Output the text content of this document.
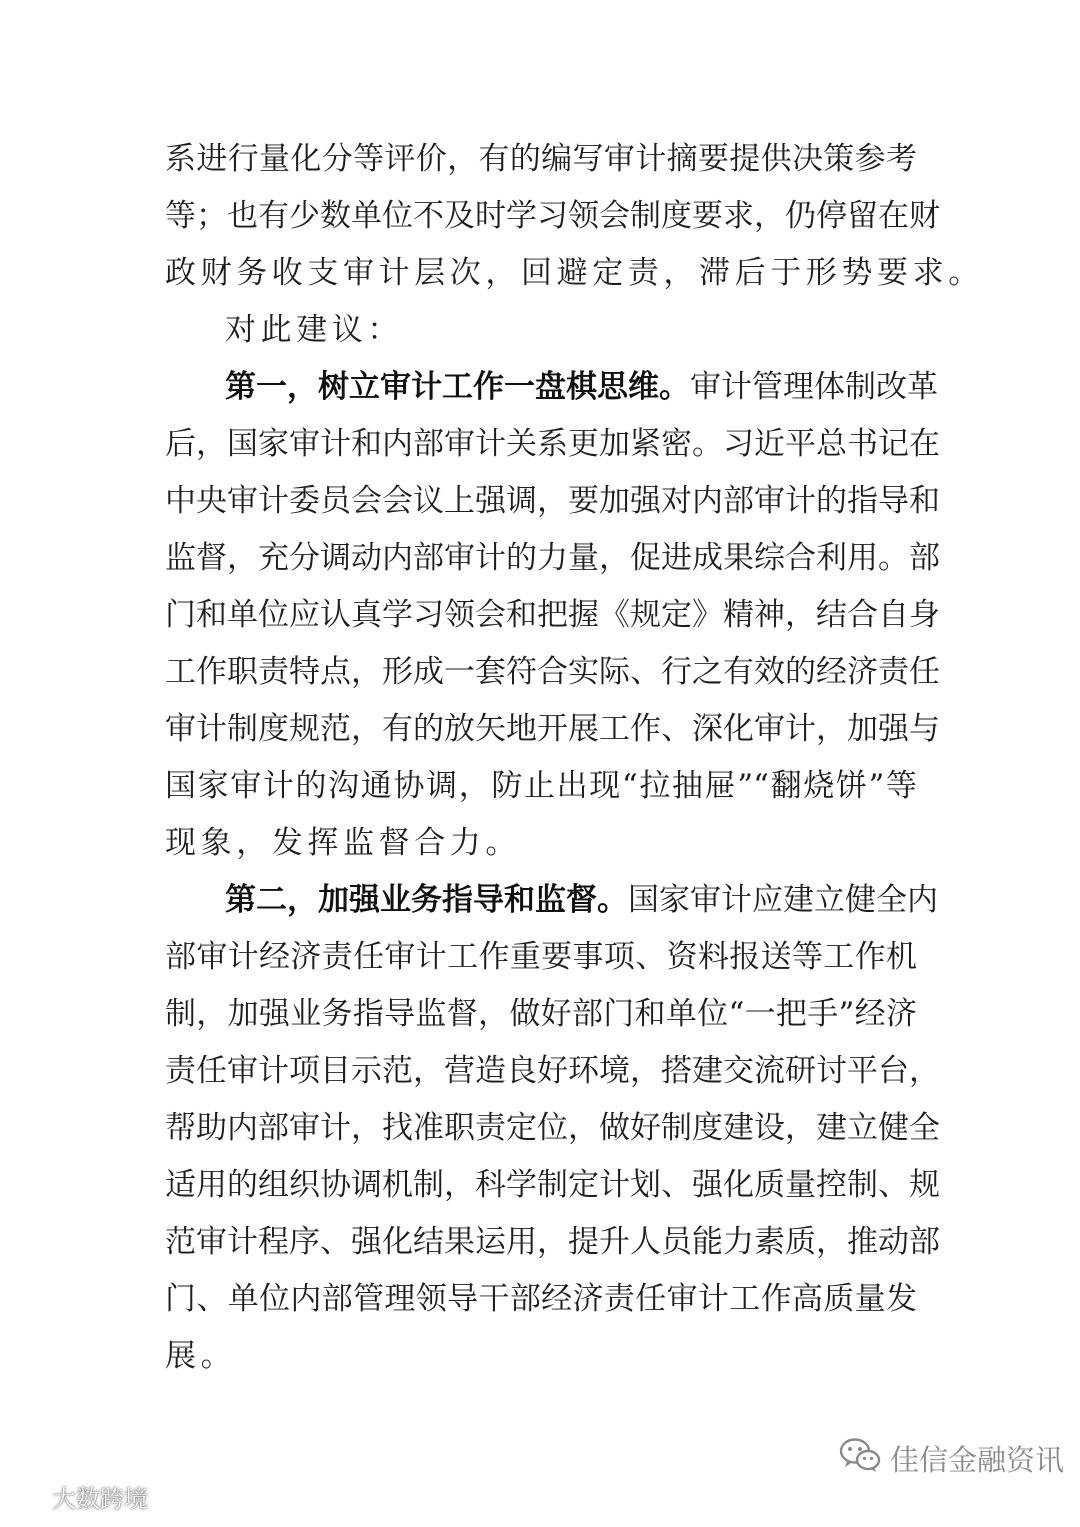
系进行量化分等评价，有的编写审计摘要提供决策参考
等；也有少数单位不及时学习领会制度要求，仍停留在财
政财务收支审计层次，回避定责，滞后于形势要求。
对此建议：
第一，树立审计工作一盘棋思维。审计管理体制改革
后，国家审计和内部审计关系更加紧密。习近平总书记在
中央审计委员会会议上强调，要加强对内部审计的指导和
监督，充分调动内部审计的力量，促进成果综合利用。部
门和单位应认真学习领会和把握《规定》精神，结合自身
工作职责特点，形成一套符合实际、行之有效的经济责任
审计制度规范，有的放矢地开展工作、深化审计，加强与
国家审计的沟通协调，防止出现“拉抽屉”“翻烧饼”等
现象，发挥监督合力。
第二，加强业务指导和监督。国家审计应建立健全内
部审计经济责任审计工作重要事项、资料报送等工作机
制，加强业务指导监督，做好部门和单位“一把手”经济
责任审计项目示范，营造良好环境，搭建交流研讨平台，
帮助内部审计，找准职责定位，做好制度建设，建立健全
适用的组织协调机制，科学制定计划、强化质量控制、规
范审计程序、强化结果运用，提升人员能力素质，推动部
门、单位内部管理领导干部经济责任审计工作高质量发
展。
佳信金融资讯
大数跨境
